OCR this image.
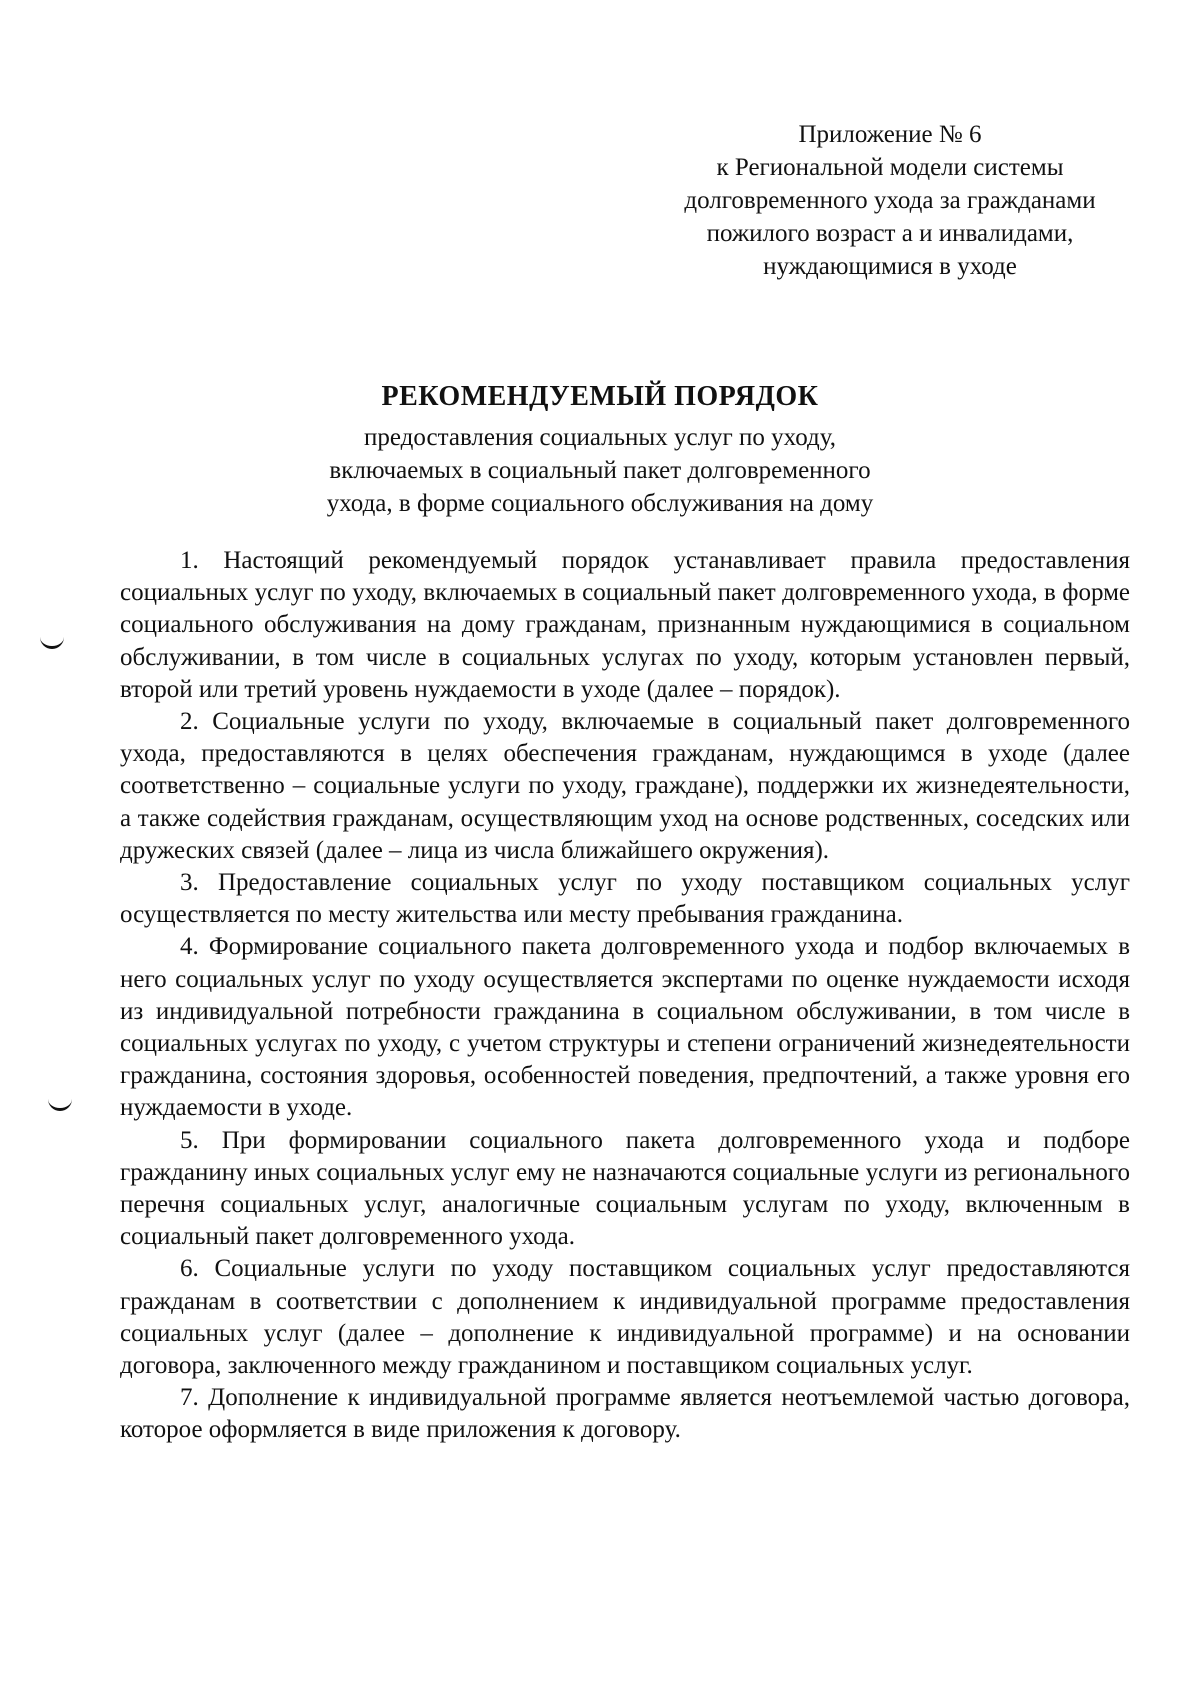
Приложение № 6
к Региональной модели системы
долговременного ухода за гражданами
пожилого возраст а и инвалидами,
нуждающимися в уходе
РЕКОМЕНДУЕМЫЙ ПОРЯДОК
предоставления социальных услуг по уходу,
включаемых в социальный пакет долговременного
ухода, в форме социального обслуживания на дому

1. Настоящий рекомендуемый порядок устанавливает правила предоставления социальных услуг по уходу, включаемых в социальный пакет долговременного ухода, в форме социального обслуживания на дому гражданам, признанным нуждающимися в социальном обслуживании, в том числе в социальных услугах по уходу, которым установлен первый, второй или третий уровень нуждаемости в уходе (далее – порядок).

2. Социальные услуги по уходу, включаемые в социальный пакет долговременного ухода, предоставляются в целях обеспечения гражданам, нуждающимся в уходе (далее соответственно – социальные услуги по уходу, граждане), поддержки их жизнедеятельности, а также содействия гражданам, осуществляющим уход на основе родственных, соседских или дружеских связей (далее – лица из числа ближайшего окружения).

3. Предоставление социальных услуг по уходу поставщиком социальных услуг осуществляется по месту жительства или месту пребывания гражданина.

4. Формирование социального пакета долговременного ухода и подбор включаемых в него социальных услуг по уходу осуществляется экспертами по оценке нуждаемости исходя из индивидуальной потребности гражданина в социальном обслуживании, в том числе в социальных услугах по уходу, с учетом структуры и степени ограничений жизнедеятельности гражданина, состояния здоровья, особенностей поведения, предпочтений, а также уровня его нуждаемости в уходе.

5. При формировании социального пакета долговременного ухода и подборе гражданину иных социальных услуг ему не назначаются социальные услуги из регионального перечня социальных услуг, аналогичные социальным услугам по уходу, включенным в социальный пакет долговременного ухода.

6. Социальные услуги по уходу поставщиком социальных услуг предоставляются гражданам в соответствии с дополнением к индивидуальной программе предоставления социальных услуг (далее – дополнение к индивидуальной программе) и на основании договора, заключенного между гражданином и поставщиком социальных услуг.

7. Дополнение к индивидуальной программе является неотъемлемой частью договора, которое оформляется в виде приложения к договору.
